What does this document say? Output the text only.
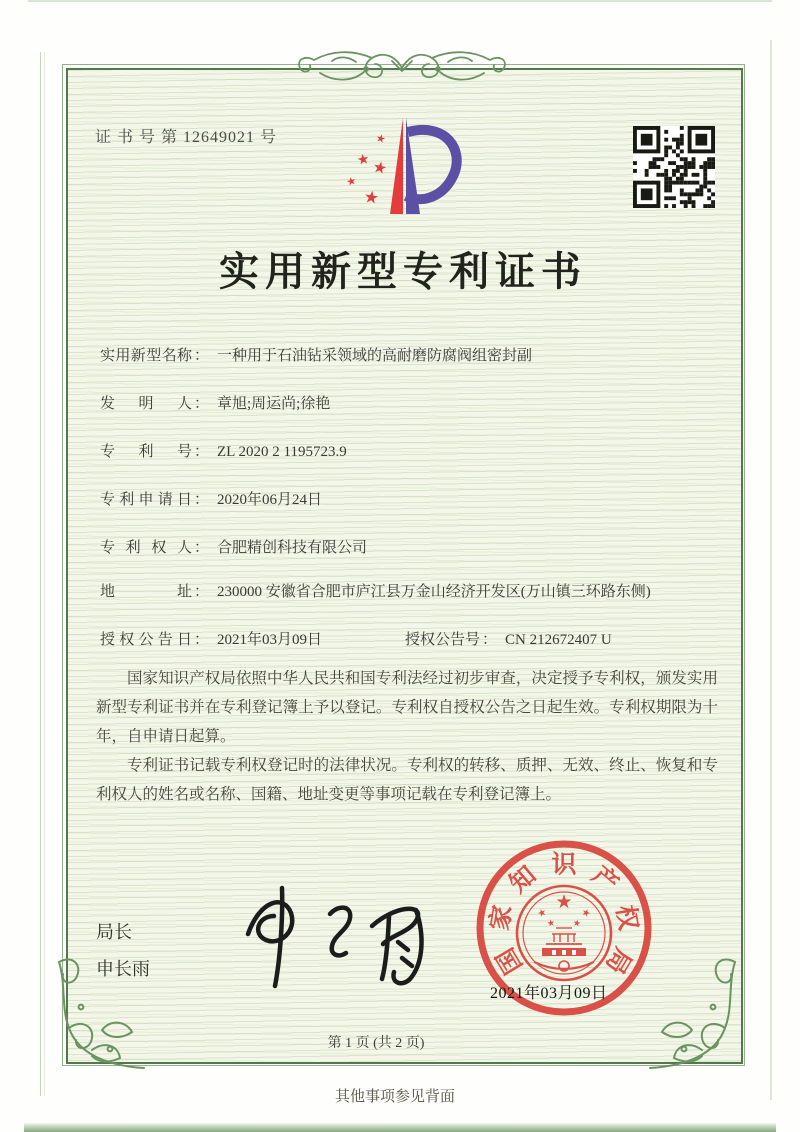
证 书 号 第 12649021 号	★
★ ★
★
★
实用新型专利证书
实用新型名称 ： 一种用于石油钻采领域的高耐磨防腐阀组密封副
发明人 ： 章旭;周运尚;徐艳
专利号 ： ZL 2020 2 1195723.9
专利申请日 ： 2020年06月24日
专利权人 ： 合肥精创科技有限公司
地址 ： 230000 安徽省合肥市庐江县万金山经济开发区(万山镇三环路东侧)
授权公告日 ： 2021年03月09日	授权公告号 ： CN 212672407 U

国家知识产权局依照中华人民共和国专利法经过初步审查，决定授予专利权，颁发实用新型专利证书并在专利登记簿上予以登记。专利权自授权公告之日起生效。专利权期限为十年，自申请日起算。

专利证书记载专利权登记时的法律状况。专利权的转移、质押、无效、终止、恢复和专利权人的姓名或名称、国籍、地址变更等事项记载在专利登记簿上。

局长
申长雨
★
★	★
★ ★
国
家
知 识 产
权
局
2021年03月09日
第 1 页 (共 2 页)
其他事项参见背面
